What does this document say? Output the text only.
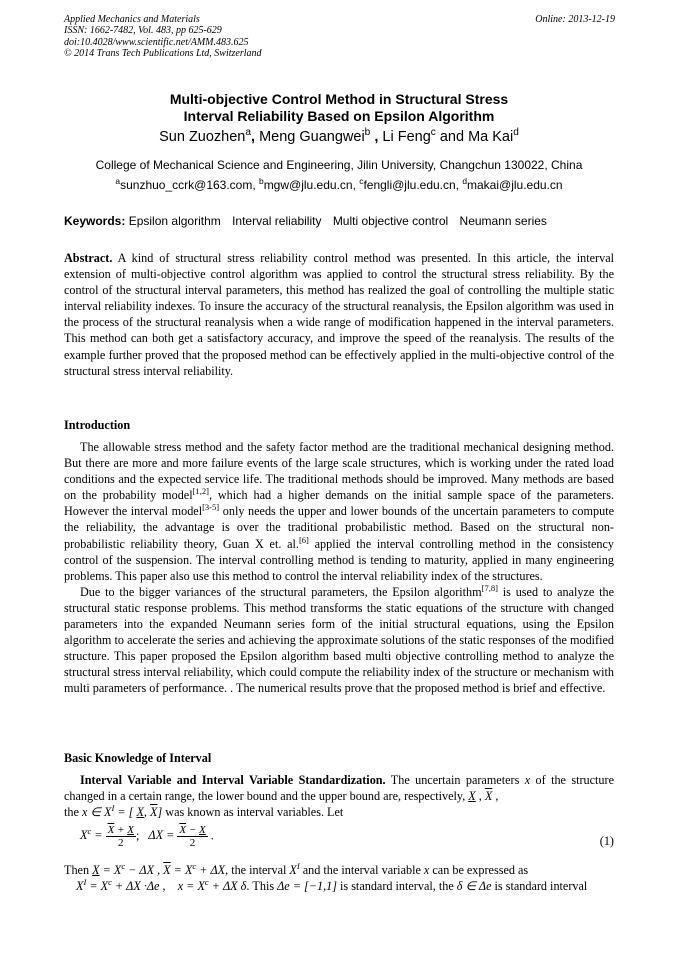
Applied Mechanics and Materials
ISSN: 1662-7482, Vol. 483, pp 625-629
doi:10.4028/www.scientific.net/AMM.483.625
© 2014 Trans Tech Publications Ltd, Switzerland
Online: 2013-12-19
Multi-objective Control Method in Structural Stress
Interval Reliability Based on Epsilon Algorithm
Sun Zuozhen$^a$, Meng Guangwei$^b$ , Li Feng$^c$ and Ma Kai$^d$
College of Mechanical Science and Engineering, Jilin University, Changchun 130022, China
$^a$sunzhuo_ccrk@163.com, $^b$mgw@jlu.edu.cn, $^c$fengli@jlu.edu.cn, $^d$makai@jlu.edu.cn
Keywords: Epsilon algorithm Interval reliability Multi objective control Neumann series

Abstract. A kind of structural stress reliability control method was presented. In this article, the interval extension of multi-objective control algorithm was applied to control the structural stress reliability. By the control of the structural interval parameters, this method has realized the goal of controlling the multiple static interval reliability indexes. To insure the accuracy of the structural reanalysis, the Epsilon algorithm was used in the process of the structural reanalysis when a wide range of modification happened in the interval parameters. This method can both get a satisfactory accuracy, and improve the speed of the reanalysis. The results of the example further proved that the proposed method can be effectively applied in the multi-objective control of the structural stress interval reliability.

Introduction

The allowable stress method and the safety factor method are the traditional mechanical designing method. But there are more and more failure events of the large scale structures, which is working under the rated load conditions and the expected service life. The traditional methods should be improved. Many methods are based on the probability model[1,2], which had a higher demands on the initial sample space of the parameters. However the interval model[3-5] only needs the upper and lower bounds of the uncertain parameters to compute the reliability, the advantage is over the traditional probabilistic method. Based on the structural non-probabilistic reliability theory, Guan X et. al.[6] applied the interval controlling method in the consistency control of the suspension. The interval controlling method is tending to maturity, applied in many engineering problems. This paper also use this method to control the interval reliability index of the structures.

Due to the bigger variances of the structural parameters, the Epsilon algorithm[7,8] is used to analyze the structural static response problems. This method transforms the static equations of the structure with changed parameters into the expanded Neumann series form of the initial structural equations, using the Epsilon algorithm to accelerate the series and achieving the approximate solutions of the static responses of the modified structure. This paper proposed the Epsilon algorithm based multi objective controlling method to analyze the structural stress interval reliability, which could compute the reliability index of the structure or mechanism with multi parameters of performance. . The numerical results prove that the proposed method is brief and effective.

Basic Knowledge of Interval

Interval Variable and Interval Variable Standardization. The uncertain parameters x of the structure changed in a certain range, the lower bound and the upper bound are, respectively, X , $\overline{X}$ ,

the x ∈ $X^I$ = [ X, $\overline{X}$] was known as interval variables. Let

$X^c = \frac{\overline{X} + X}{2}$ ; $\Delta X = \frac{\overline{X} - X}{2}$ .	(1)

Then $X = X^c - \Delta X$ , $\overline{X} = X^c + \Delta X$, the interval $X^I$ and the interval variable x can be expressed as

$X^I = X^c + \Delta X \cdot\Delta e$ ,    $x = X^c + \Delta X$ δ. This Δe = [−1,1] is standard interval, the δ ∈ Δe is standard interval
